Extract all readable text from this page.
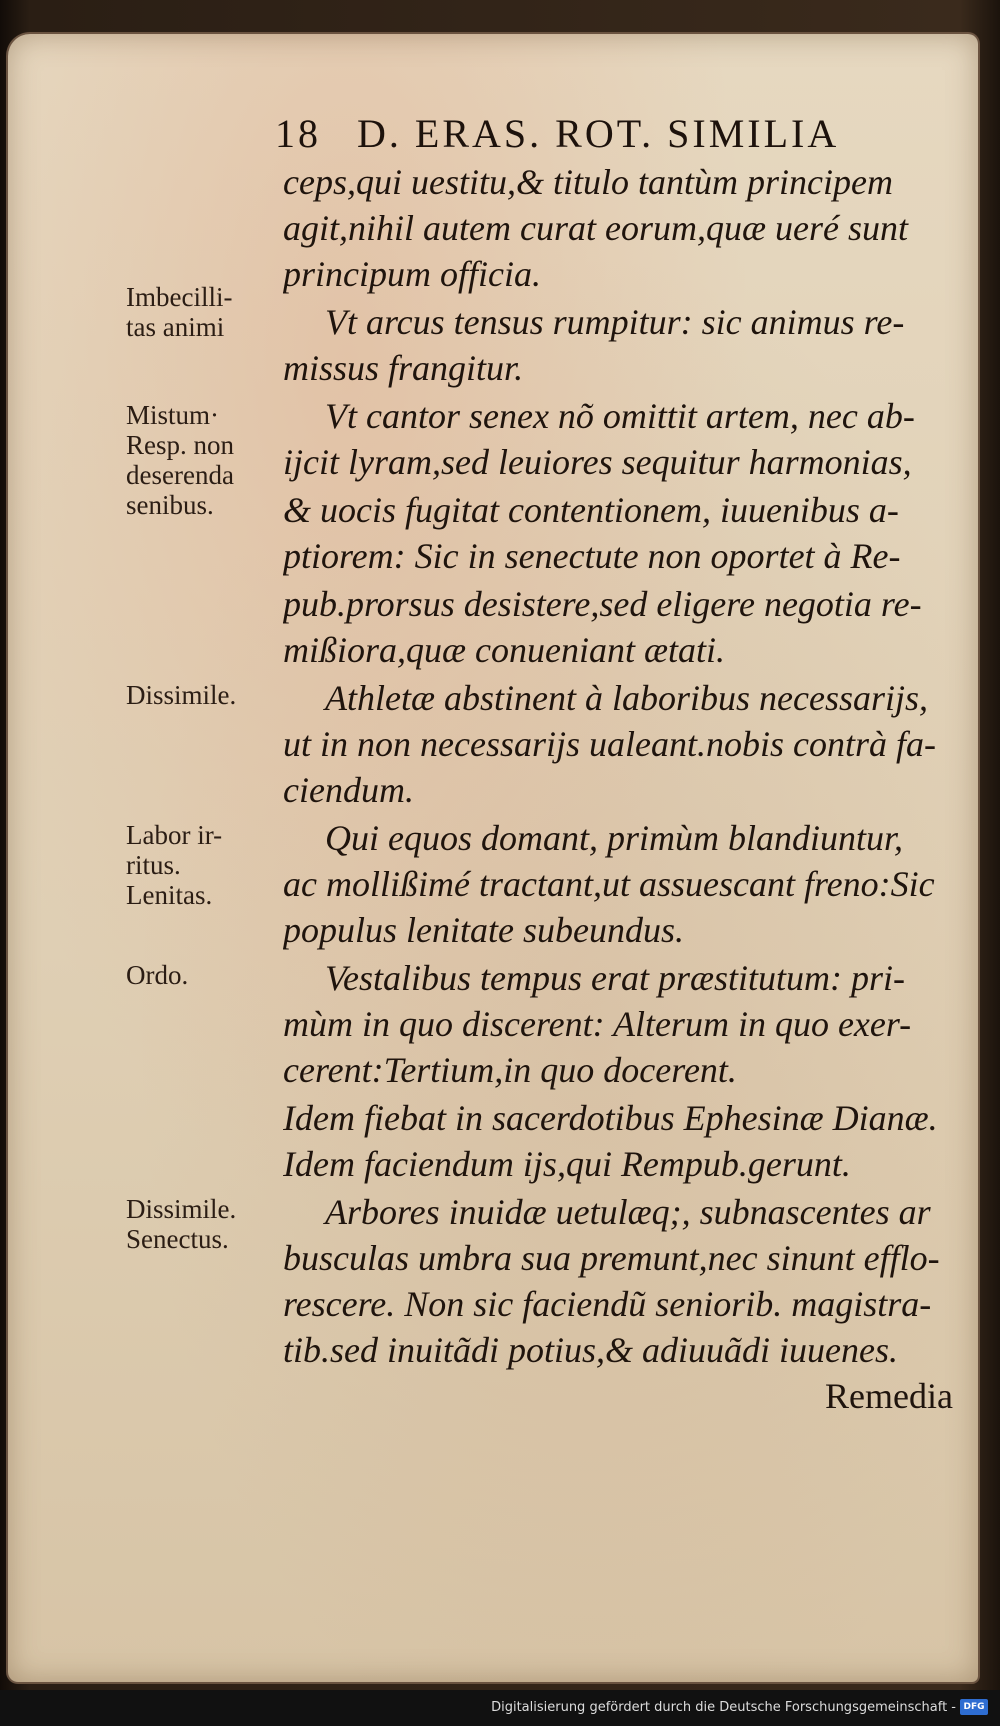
18 D. ERAS. ROT. SIMILIA
ceps,qui uestitu,& titulo tantùm principem
agit,nihil autem curat eorum,quæ ueré sunt
principum officia.
Vt arcus tensus rumpitur: sic animus re-
missus frangitur.
Vt cantor senex nõ omittit artem, nec ab-
ijcit lyram,sed leuiores sequitur harmonias,
& uocis fugitat contentionem, iuuenibus a-
ptiorem: Sic in senectute non oportet à Re-
pub.prorsus desistere,sed eligere negotia re-
mißiora,quæ conueniant ætati.
Athletæ abstinent à laboribus necessarijs,
ut in non necessarijs ualeant.nobis contrà fa-
ciendum.
Qui equos domant, primùm blandiuntur,
ac mollißimé tractant,ut assuescant freno:Sic
populus lenitate subeundus.
Vestalibus tempus erat præstitutum: pri-
mùm in quo discerent: Alterum in quo exer-
cerent:Tertium,in quo docerent.
Idem fiebat in sacerdotibus Ephesinæ Dianæ.
Idem faciendum ijs,qui Rempub.gerunt.
Arbores inuidæ uetulæq;, subnascentes ar
busculas umbra sua premunt,nec sinunt efflo-
rescere. Non sic faciendũ seniorib. magistra-
tib.sed inuitãdi potius,& adiuuãdi iuuenes.
Remedia
Imbecilli-
tas animi
Mistum·
Resp. non
deserenda
senibus.
Dissimile.
Labor ir-
ritus.
Lenitas.
Ordo.
Dissimile.
Senectus.
Digitalisierung gefördert durch die Deutsche Forschungsgemeinschaft - DFG
